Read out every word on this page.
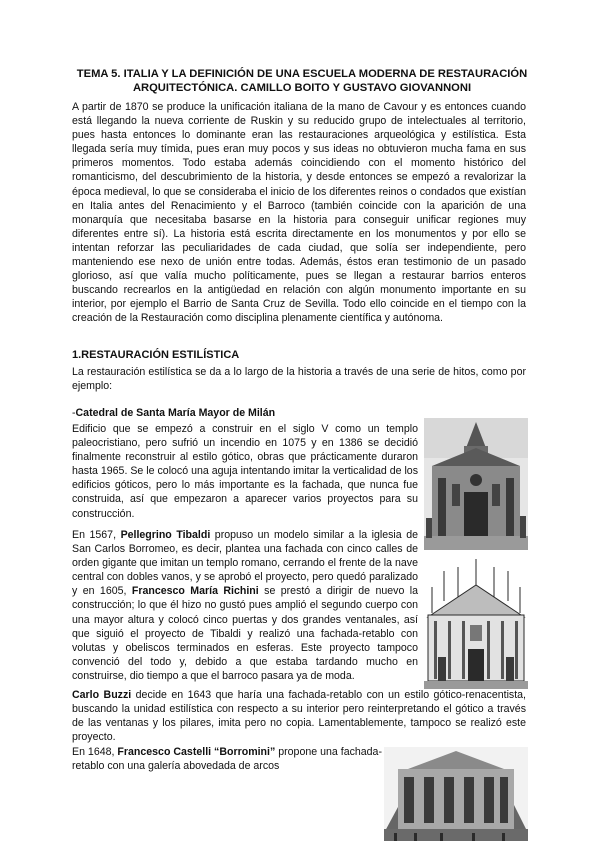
TEMA 5. ITALIA Y LA DEFINICIÓN DE UNA ESCUELA MODERNA DE RESTAURACIÓN ARQUITECTÓNICA. CAMILLO BOITO Y GUSTAVO GIOVANNONI

A partir de 1870 se produce la unificación italiana de la mano de Cavour y es entonces cuando está llegando la nueva corriente de Ruskin y su reducido grupo de intelectuales al territorio, pues hasta entonces lo dominante eran las restauraciones arqueológica y estilística. Esta llegada sería muy tímida, pues eran muy pocos y sus ideas no obtuvieron mucha fama en sus primeros momentos. Todo estaba además coincidiendo con el momento histórico del romanticismo, del descubrimiento de la historia, y desde entonces se empezó a revalorizar la época medieval, lo que se consideraba el inicio de los diferentes reinos o condados que existían en Italia antes del Renacimiento y el Barroco (también coincide con la aparición de una monarquía que necesitaba basarse en la historia para conseguir unificar regiones muy diferentes entre sí). La historia está escrita directamente en los monumentos y por ello se intentan reforzar las peculiaridades de cada ciudad, que solía ser independiente, pero manteniendo ese nexo de unión entre todas. Además, éstos eran testimonio de un pasado glorioso, así que valía mucho políticamente, pues se llegan a restaurar barrios enteros buscando recrearlos en la antigüedad en relación con algún monumento importante en su interior, por ejemplo el Barrio de Santa Cruz de Sevilla. Todo ello coincide en el tiempo con la creación de la Restauración como disciplina plenamente científica y autónoma.

1.RESTAURACIÓN ESTILÍSTICA

La restauración estilística se da a lo largo de la historia a través de una serie de hitos, como por ejemplo:

-Catedral de Santa María Mayor de Milán

Edificio que se empezó a construir en el siglo V como un templo paleocristiano, pero sufrió un incendio en 1075 y en 1386 se decidió finalmente reconstruir al estilo gótico, obras que prácticamente duraron hasta 1965. Se le colocó una aguja intentando imitar la verticalidad de los edificios góticos, pero lo más importante es la fachada, que nunca fue construida, así que empezaron a aparecer varios proyectos para su construcción.

En 1567, Pellegrino Tibaldi propuso un modelo similar a la iglesia de San Carlos Borromeo, es decir, plantea una fachada con cinco calles de orden gigante que imitan un templo romano, cerrando el frente de la nave central con dobles vanos, y se aprobó el proyecto, pero quedó paralizado y en 1605, Francesco María Richini se prestó a dirigir de nuevo la construcción; lo que él hizo no gustó pues amplió el segundo cuerpo con una mayor altura y colocó cinco puertas y dos grandes ventanales, así que siguió el proyecto de Tibaldi y realizó una fachada-retablo con volutas y obeliscos terminados en esferas. Este proyecto tampoco convenció del todo y, debido a que estaba tardando mucho en construirse, dio tiempo a que el barroco pasara ya de moda.

Carlo Buzzi decide en 1643 que haría una fachada-retablo con un estilo gótico-renacentista, buscando la unidad estilística con respecto a su interior pero reinterpretando el gótico a través de las ventanas y los pilares, imita pero no copia. Lamentablemente, tampoco se realizó este proyecto.

En 1648, Francesco Castelli “Borromini” propone una fachada-retablo con una galería abovedada de arcos
